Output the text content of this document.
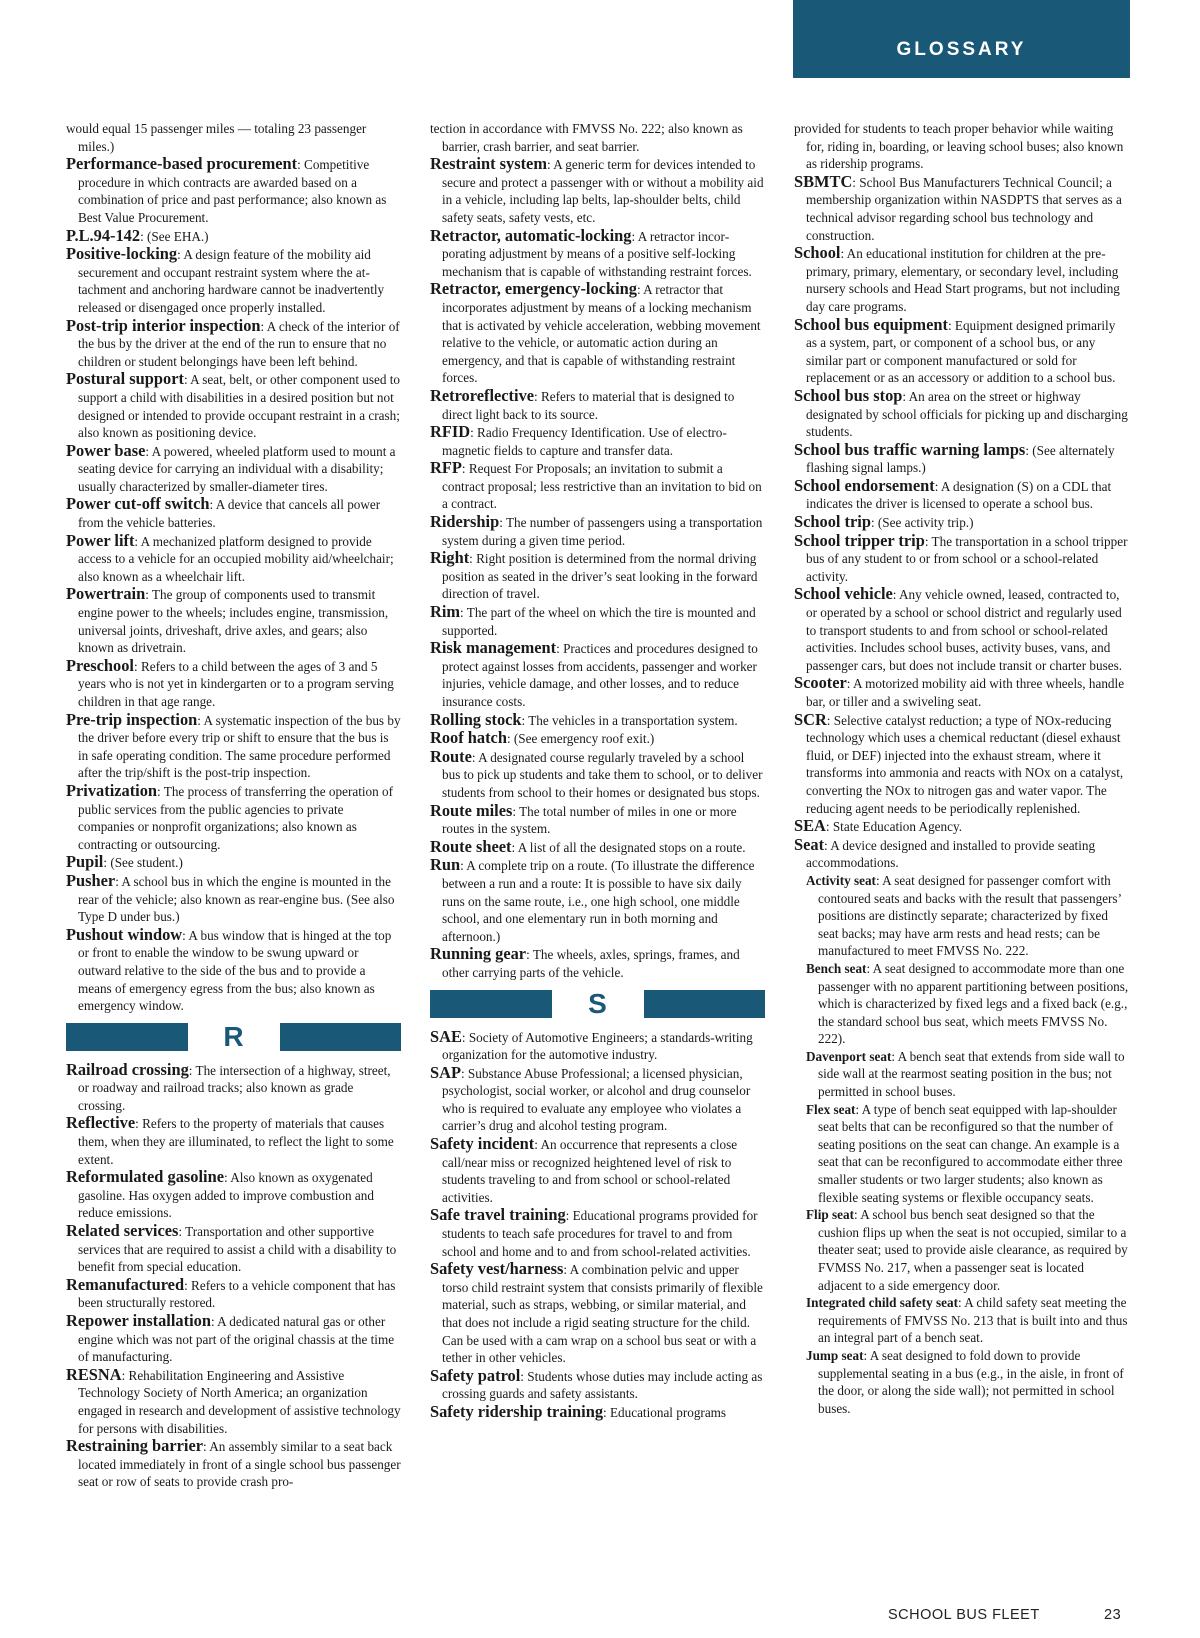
GLOSSARY

would equal 15 passenger miles — totaling 23 passenger miles.)

Performance-based procurement: Competitive procedure in which contracts are awarded based on a combination of price and past performance; also known as Best Value Procurement.

P.L.94-142: (See EHA.)

Positive-locking: A design feature of the mobility aid securement and occupant restraint system where the attachment and anchoring hardware cannot be inadvertently released or disengaged once properly installed.

Post-trip interior inspection: A check of the interior of the bus by the driver at the end of the run to ensure that no children or student belongings have been left behind.

Postural support: A seat, belt, or other component used to support a child with disabilities in a desired position but not designed or intended to provide occupant restraint in a crash; also known as positioning device.

Power base: A powered, wheeled platform used to mount a seating device for carrying an individual with a disability; usually characterized by smaller-diameter tires.

Power cut-off switch: A device that cancels all power from the vehicle batteries.

Power lift: A mechanized platform designed to provide access to a vehicle for an occupied mobility aid/wheelchair; also known as a wheelchair lift.

Powertrain: The group of components used to transmit engine power to the wheels; includes engine, transmission, universal joints, driveshaft, drive axles, and gears; also known as drivetrain.

Preschool: Refers to a child between the ages of 3 and 5 years who is not yet in kindergarten or to a program serving children in that age range.

Pre-trip inspection: A systematic inspection of the bus by the driver before every trip or shift to ensure that the bus is in safe operating condition. The same procedure performed after the trip/shift is the post-trip inspection.

Privatization: The process of transferring the operation of public services from the public agencies to private companies or nonprofit organizations; also known as contracting or outsourcing.

Pupil: (See student.)

Pusher: A school bus in which the engine is mounted in the rear of the vehicle; also known as rear-engine bus. (See also Type D under bus.)

Pushout window: A bus window that is hinged at the top or front to enable the window to be swung upward or outward relative to the side of the bus and to provide a means of emergency egress from the bus; also known as emergency window.

R

Railroad crossing: The intersection of a highway, street, or roadway and railroad tracks; also known as grade crossing.

Reflective: Refers to the property of materials that causes them, when they are illuminated, to reflect the light to some extent.

Reformulated gasoline: Also known as oxygenated gasoline. Has oxygen added to improve combustion and reduce emissions.

Related services: Transportation and other supportive services that are required to assist a child with a disability to benefit from special education.

Remanufactured: Refers to a vehicle component that has been structurally restored.

Repower installation: A dedicated natural gas or other engine which was not part of the original chassis at the time of manufacturing.

RESNA: Rehabilitation Engineering and Assistive Technology Society of North America; an organization engaged in research and development of assistive technology for persons with disabilities.

Restraining barrier: An assembly similar to a seat back located immediately in front of a single school bus passenger seat or row of seats to provide crash pro-

tection in accordance with FMVSS No. 222; also known as barrier, crash barrier, and seat barrier.

Restraint system: A generic term for devices intended to secure and protect a passenger with or without a mobility aid in a vehicle, including lap belts, lap-shoulder belts, child safety seats, safety vests, etc.

Retractor, automatic-locking: A retractor incorporating adjustment by means of a positive self-locking mechanism that is capable of withstanding restraint forces.

Retractor, emergency-locking: A retractor that incorporates adjustment by means of a locking mechanism that is activated by vehicle acceleration, webbing movement relative to the vehicle, or automatic action during an emergency, and that is capable of withstanding restraint forces.

Retroreflective: Refers to material that is designed to direct light back to its source.

RFID: Radio Frequency Identification. Use of electromagnetic fields to capture and transfer data.

RFP: Request For Proposals; an invitation to submit a contract proposal; less restrictive than an invitation to bid on a contract.

Ridership: The number of passengers using a transportation system during a given time period.

Right: Right position is determined from the normal driving position as seated in the driver’s seat looking in the forward direction of travel.

Rim: The part of the wheel on which the tire is mounted and supported.

Risk management: Practices and procedures designed to protect against losses from accidents, passenger and worker injuries, vehicle damage, and other losses, and to reduce insurance costs.

Rolling stock: The vehicles in a transportation system.

Roof hatch: (See emergency roof exit.)

Route: A designated course regularly traveled by a school bus to pick up students and take them to school, or to deliver students from school to their homes or designated bus stops.

Route miles: The total number of miles in one or more routes in the system.

Route sheet: A list of all the designated stops on a route.

Run: A complete trip on a route. (To illustrate the difference between a run and a route: It is possible to have six daily runs on the same route, i.e., one high school, one middle school, and one elementary run in both morning and afternoon.)

Running gear: The wheels, axles, springs, frames, and other carrying parts of the vehicle.

S

SAE: Society of Automotive Engineers; a standards-writing organization for the automotive industry.

SAP: Substance Abuse Professional; a licensed physician, psychologist, social worker, or alcohol and drug counselor who is required to evaluate any employee who violates a carrier’s drug and alcohol testing program.

Safety incident: An occurrence that represents a close call/near miss or recognized heightened level of risk to students traveling to and from school or school-related activities.

Safe travel training: Educational programs provided for students to teach safe procedures for travel to and from school and home and to and from school-related activities.

Safety vest/harness: A combination pelvic and upper torso child restraint system that consists primarily of flexible material, such as straps, webbing, or similar material, and that does not include a rigid seating structure for the child. Can be used with a cam wrap on a school bus seat or with a tether in other vehicles.

Safety patrol: Students whose duties may include acting as crossing guards and safety assistants.

Safety ridership training: Educational programs

provided for students to teach proper behavior while waiting for, riding in, boarding, or leaving school buses; also known as ridership programs.

SBMTC: School Bus Manufacturers Technical Council; a membership organization within NASDPTS that serves as a technical advisor regarding school bus technology and construction.

School: An educational institution for children at the pre-primary, primary, elementary, or secondary level, including nursery schools and Head Start programs, but not including day care programs.

School bus equipment: Equipment designed primarily as a system, part, or component of a school bus, or any similar part or component manufactured or sold for replacement or as an accessory or addition to a school bus.

School bus stop: An area on the street or highway designated by school officials for picking up and discharging students.

School bus traffic warning lamps: (See alternately flashing signal lamps.)

School endorsement: A designation (S) on a CDL that indicates the driver is licensed to operate a school bus.

School trip: (See activity trip.)

School tripper trip: The transportation in a school tripper bus of any student to or from school or a school-related activity.

School vehicle: Any vehicle owned, leased, contracted to, or operated by a school or school district and regularly used to transport students to and from school or school-related activities. Includes school buses, activity buses, vans, and passenger cars, but does not include transit or charter buses.

Scooter: A motorized mobility aid with three wheels, handle bar, or tiller and a swiveling seat.

SCR: Selective catalyst reduction; a type of NOx-reducing technology which uses a chemical reductant (diesel exhaust fluid, or DEF) injected into the exhaust stream, where it transforms into ammonia and reacts with NOx on a catalyst, converting the NOx to nitrogen gas and water vapor. The reducing agent needs to be periodically replenished.

SEA: State Education Agency.

Seat: A device designed and installed to provide seating accommodations.

Activity seat: A seat designed for passenger comfort with contoured seats and backs with the result that passengers’ positions are distinctly separate; characterized by fixed seat backs; may have arm rests and head rests; can be manufactured to meet FMVSS No. 222.

Bench seat: A seat designed to accommodate more than one passenger with no apparent partitioning between positions, which is characterized by fixed legs and a fixed back (e.g., the standard school bus seat, which meets FMVSS No. 222).

Davenport seat: A bench seat that extends from side wall to side wall at the rearmost seating position in the bus; not permitted in school buses.

Flex seat: A type of bench seat equipped with lap-shoulder seat belts that can be reconfigured so that the number of seating positions on the seat can change. An example is a seat that can be reconfigured to accommodate either three smaller students or two larger students; also known as flexible seating systems or flexible occupancy seats.

Flip seat: A school bus bench seat designed so that the cushion flips up when the seat is not occupied, similar to a theater seat; used to provide aisle clearance, as required by FVMSS No. 217, when a passenger seat is located adjacent to a side emergency door.

Integrated child safety seat: A child safety seat meeting the requirements of FMVSS No. 213 that is built into and thus an integral part of a bench seat.

Jump seat: A seat designed to fold down to provide supplemental seating in a bus (e.g., in the aisle, in front of the door, or along the side wall); not permitted in school buses.

SCHOOL BUS FLEET	23
